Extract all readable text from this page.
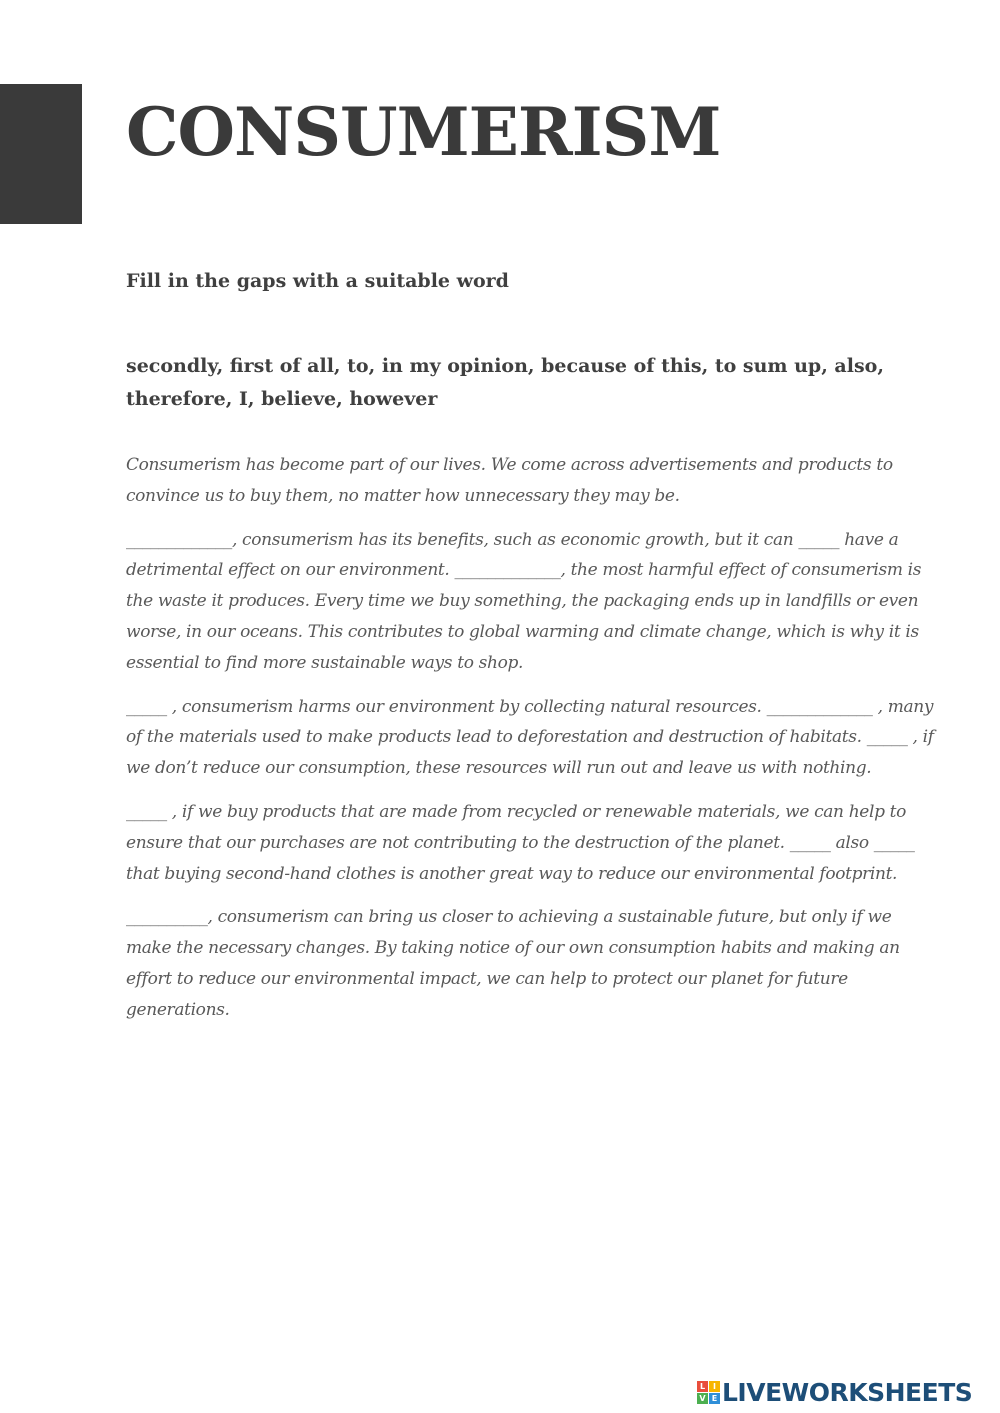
CONSUMERISM

Fill in the gaps with a suitable word

secondly, first of all, to, in my opinion, because of this, to sum up, also, therefore, I, believe, however

Consumerism has become part of our lives. We come across advertisements and products to convince us to buy them, no matter how unnecessary they may be.

_____________, consumerism has its benefits, such as economic growth, but it can _____ have a detrimental effect on our environment. _____________, the most harmful effect of consumerism is the waste it produces. Every time we buy something, the packaging ends up in landfills or even worse, in our oceans. This contributes to global warming and climate change, which is why it is essential to find more sustainable ways to shop.

_____ , consumerism harms our environment by collecting natural resources. _____________ , many of the materials used to make products lead to deforestation and destruction of habitats. _____ , if we don’t reduce our consumption, these resources will run out and leave us with nothing.

_____ , if we buy products that are made from recycled or renewable materials, we can help to ensure that our purchases are not contributing to the destruction of the planet. _____ also _____ that buying second-hand clothes is another great way to reduce our environmental footprint.

__________, consumerism can bring us closer to achieving a sustainable future, but only if we make the necessary changes. By taking notice of our own consumption habits and making an effort to reduce our environmental impact, we can help to protect our planet for future generations.

L I
V E LIVEWORKSHEETS
